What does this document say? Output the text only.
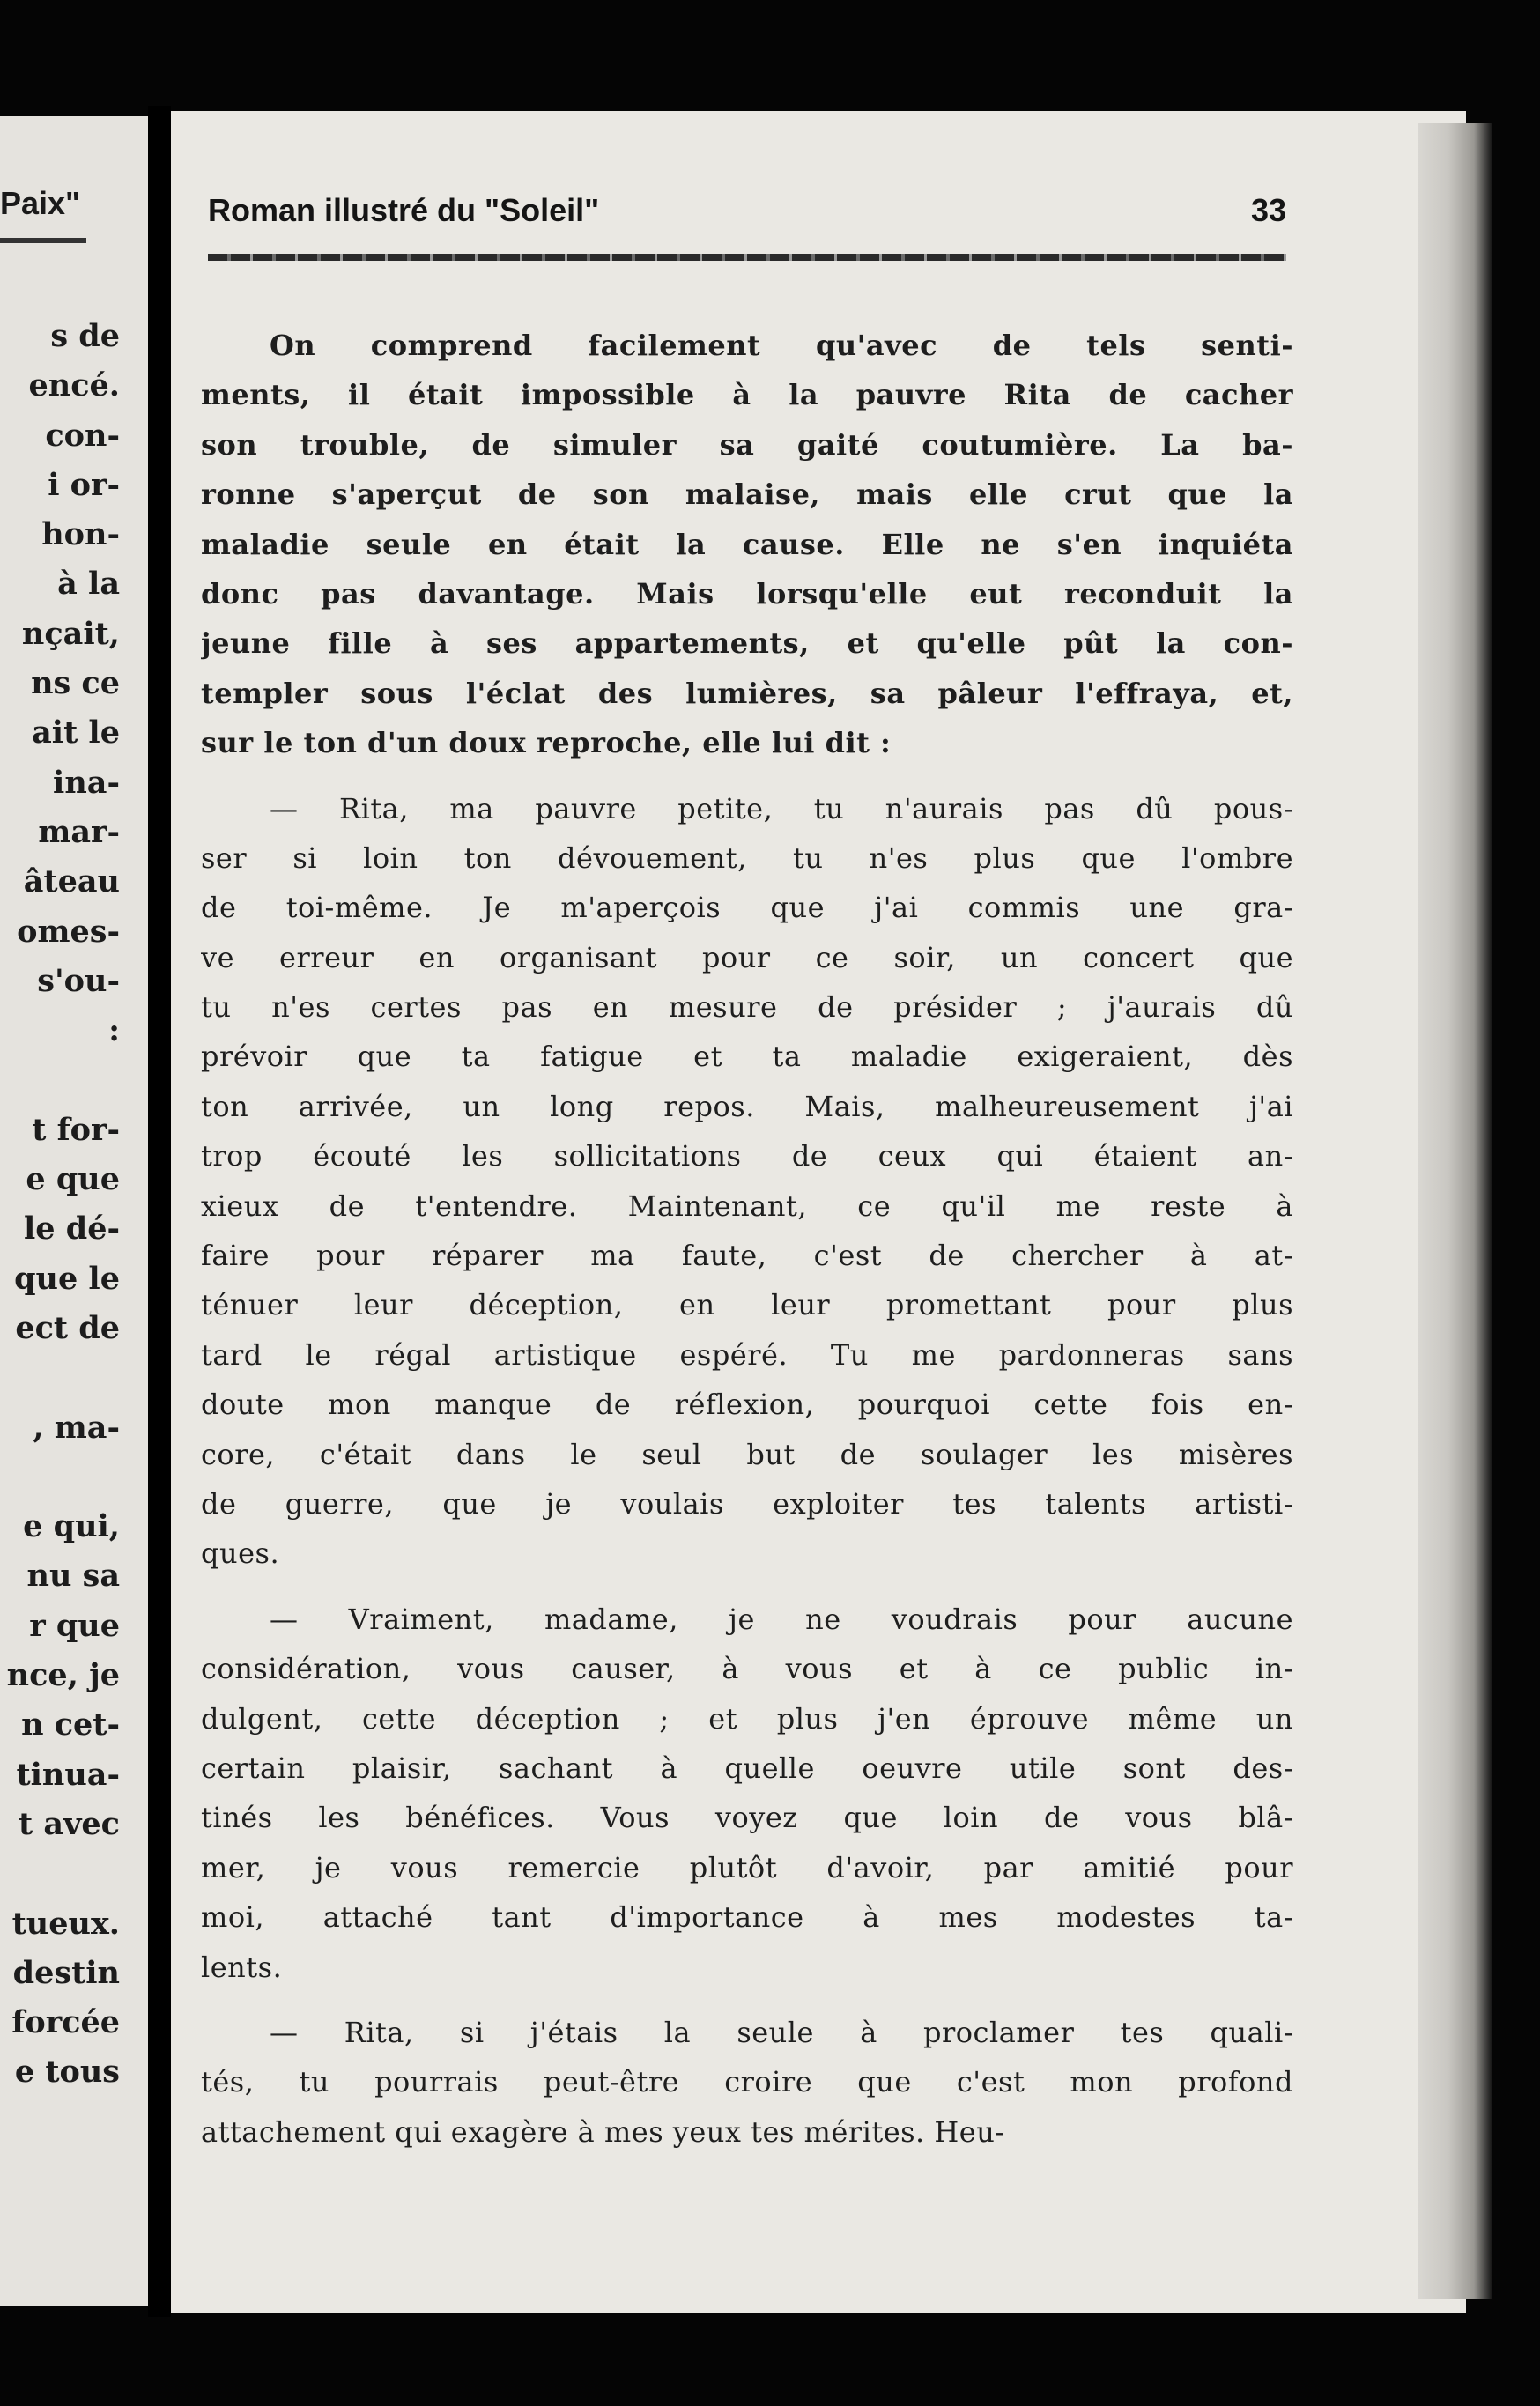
Paix"
s de
encé.
con-
i or-
hon-
à la
nçait,
ns ce
ait le
ina-
mar-
âteau
omes-
s'ou-
:
t for-
e que
le dé-
que le
ect de
, ma-
e qui,
nu sa
r que
nce, je
n cet-
tinua-
t avec
tueux.
destin
forcée
e tous
Roman illustré du "Soleil"	33
On comprend facilement qu'avec de tels senti-
ments, il était impossible à la pauvre Rita de cacher
son trouble, de simuler sa gaité coutumière. La ba-
ronne s'aperçut de son malaise, mais elle crut que la
maladie seule en était la cause. Elle ne s'en inquiéta
donc pas davantage. Mais lorsqu'elle eut reconduit la
jeune fille à ses appartements, et qu'elle pût la con-
templer sous l'éclat des lumières, sa pâleur l'effraya, et,
sur le ton d'un doux reproche, elle lui dit :
— Rita, ma pauvre petite, tu n'aurais pas dû pous-
ser si loin ton dévouement, tu n'es plus que l'ombre
de toi-même. Je m'aperçois que j'ai commis une gra-
ve erreur en organisant pour ce soir, un concert que
tu n'es certes pas en mesure de présider ; j'aurais dû
prévoir que ta fatigue et ta maladie exigeraient, dès
ton arrivée, un long repos. Mais, malheureusement j'ai
trop écouté les sollicitations de ceux qui étaient an-
xieux de t'entendre. Maintenant, ce qu'il me reste à
faire pour réparer ma faute, c'est de chercher à at-
ténuer leur déception, en leur promettant pour plus
tard le régal artistique espéré. Tu me pardonneras sans
doute mon manque de réflexion, pourquoi cette fois en-
core, c'était dans le seul but de soulager les misères
de guerre, que je voulais exploiter tes talents artisti-
ques.
— Vraiment, madame, je ne voudrais pour aucune
considération, vous causer, à vous et à ce public in-
dulgent, cette déception ; et plus j'en éprouve même un
certain plaisir, sachant à quelle oeuvre utile sont des-
tinés les bénéfices. Vous voyez que loin de vous blâ-
mer, je vous remercie plutôt d'avoir, par amitié pour
moi, attaché tant d'importance à mes modestes ta-
lents.
— Rita, si j'étais la seule à proclamer tes quali-
tés, tu pourrais peut-être croire que c'est mon profond
attachement qui exagère à mes yeux tes mérites. Heu-
